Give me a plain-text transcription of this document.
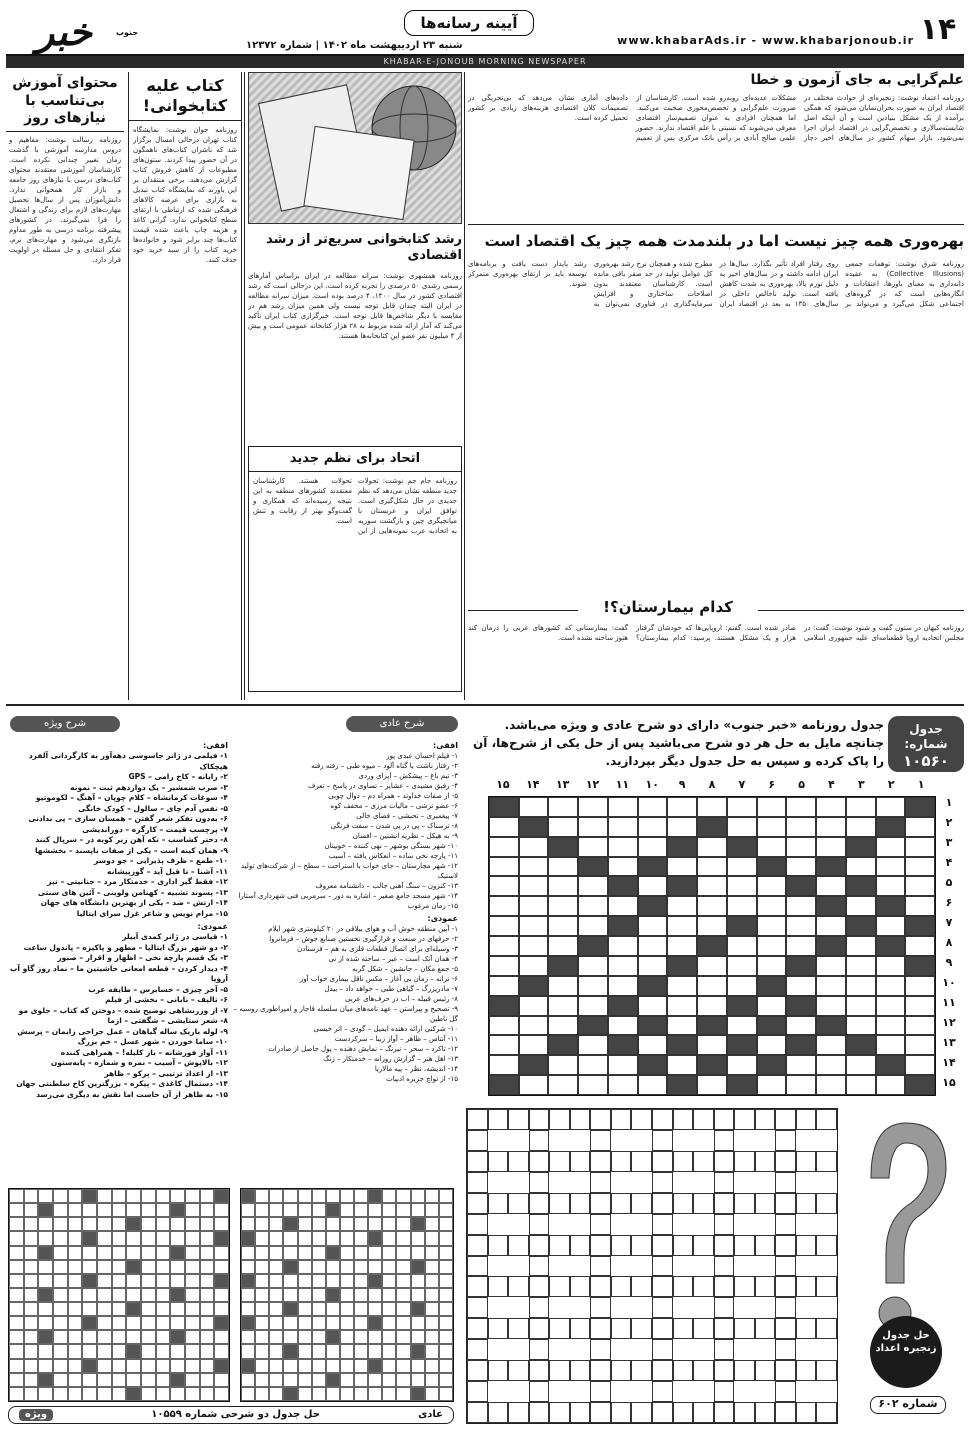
۱۴
www.khabarAds.ir - www.khabarjonoub.ir
آیینه رسانه‌ها
شنبه ۲۳ اردیبهشت ماه ۱۴۰۲ | شماره ۱۲۳۷۲
خبر	جنوب
KHABAR-E-JONOUB MORNING NEWSPAPER
علم‌گرایی به جای آزمون و خطا
روزنامه اعتماد نوشت: زنجیره‌ای از حوادث مختلف در اقتصاد ایران به صورت بحران‌نمایان می‌شود که همگی برآمده از یک مشکل بنیادین است و آن اینکه اصل شایسته‌سالاری و تخصص‌گرایی در اقتصاد ایران اجرا نمی‌شود. بازار سهام کشور در سال‌های اخیر دچار مشکلات عدیده‌ای روبه‌رو شده است. کارشناسان از ضرورت علم‌گرایی و تخصص‌محوری صحبت می‌کنند. اما همچنان افرادی به عنوان تصمیم‌ساز اقتصادی معرفی می‌شوند که نسبتی با علم اقتصاد ندارند. حضور علمی صالح آبادی بر رأس بانک مرکزی پس از تعمیم داده‌های آماری نشان می‌دهد که بی‌تجربگی در تصمیمات کلان اقتصادی هزینه‌های زیادی بر کشور تحمیل کرده است.
بهره‌وری همه چیز نیست اما در بلندمدت همه چیز یک اقتصاد است
روزنامه شرق نوشت: توهمات جمعی (Collective Illusions) به عقیده دانه‌داری به معنای باورها، اعتقادات و انگاره‌هایی است که در گروه‌های اجتماعی شکل می‌گیرد و می‌تواند بر روی رفتار افراد تأثیر بگذارد. سال‌ها در ایران ادامه داشته و در سال‌های اخیر به دلیل تورم بالا، بهره‌وری به شدت کاهش یافته است. تولید ناخالص داخلی در سال‌های ۱۳۵۰ به بعد در اقتصاد ایران مطرح شده و همچنان نرخ رشد بهره‌وری کل عوامل تولید در حد صفر باقی مانده است. کارشناسان معتقدند بدون اصلاحات ساختاری و افزایش سرمایه‌گذاری در فناوری نمی‌توان به رشد پایدار دست یافت و برنامه‌های توسعه باید بر ارتقای بهره‌وری متمرکز شوند.
کدام بیمارستان؟!
روزنامه کیهان در ستون گفت و شنود نوشت: گفت: در مجلس اتحادیه اروپا قطعنامه‌ای علیه جمهوری اسلامی صادر شده است. گفتم: اروپایی‌ها که خودشان گرفتار هزار و یک مشکل هستند. پرسید: کدام بیمارستان؟ گفت: بیمارستانی که کشورهای غربی را درمان کند هنوز ساخته نشده است.
رشد کتابخوانی سریع‌تر از رشد اقتصادی
روزنامه همشهری نوشت: سرانه مطالعه در ایران براساس آمارهای رسمی رشدی ۵۰ درصدی را تجربه کرده است. این درحالی است که رشد اقتصادی کشور در سال ۱۴۰۰، ۴ درصد بوده است. میزان سرانه مطالعه در ایران البته چندان قابل توجه نیست ولی همین میزان رشد هم در مقایسه با دیگر شاخص‌ها قابل توجه است. خبرگزاری کتاب ایران تأکید می‌کند که آمار ارائه شده مربوط به ۲۸ هزار کتابخانه عمومی است و بیش از ۴ میلیون نفر عضو این کتابخانه‌ها هستند.
اتحاد برای نظم جدید
روزنامه جام جم نوشت: تحولات جدید منطقه نشان می‌دهد که نظم جدیدی در حال شکل‌گیری است. توافق ایران و عربستان با میانجیگری چین و بازگشت سوریه به اتحادیه عرب نمونه‌هایی از این تحولات هستند. کارشناسان معتقدند کشورهای منطقه به این نتیجه رسیده‌اند که همکاری و گفت‌وگو بهتر از رقابت و تنش است.
کتاب علیه کتابخوانی!
روزنامه جوان نوشت: نمایشگاه کتاب تهران درحالی امسال برگزار شد که ناشران کتاب‌های ناهمگون در آن حضور پیدا کردند. ستون‌های مطبوعات از کاهش فروش کتاب گزارش می‌دهند. برخی منتقدان بر این باورند که نمایشگاه کتاب تبدیل به بازاری برای عرضه کالاهای فرهنگی شده که ارتباطی با ارتقای سطح کتابخوانی ندارد. گرانی کاغذ و هزینه چاپ باعث شده قیمت کتاب‌ها چند برابر شود و خانواده‌ها خرید کتاب را از سبد خرید خود حذف کنند.
محتوای آموزش بی‌تناسب با نیازهای روز
روزنامه رسالت نوشت: مفاهیم و دروس مدارسه آموزشی با گذشت زمان تغییر چندانی نکرده است. کارشناسان آموزشی معتقدند محتوای کتاب‌های درسی با نیازهای روز جامعه و بازار کار همخوانی ندارد. دانش‌آموزان پس از سال‌ها تحصیل مهارت‌های لازم برای زندگی و اشتغال را فرا نمی‌گیرند. در کشورهای پیشرفته برنامه درسی به طور مداوم بازنگری می‌شود و مهارت‌های نرم، تفکر انتقادی و حل مسئله در اولویت قرار دارد.
جدول شماره:
۱۰۵۶۰
جدول روزنامه «خبر جنوب» دارای دو شرح عادی و ویژه می‌باشد. چنانچه مایل به حل هر دو شرح می‌باشید پس از حل یکی از شرح‌ها، آن را پاک کرده و سپس به حل جدول دیگر بپردازید.
۱
۲
۳
۴
۵
۶
۷
۸
۹
۱۰
۱۱
۱۲
۱۳
۱۴
۱۵
۱
۲
۳
۴
۵
۶
۷
۸
۹
۱۰
۱۱
۱۲
۱۳
۱۴
۱۵
حل جدول زنجیره اعداد
شماره ۶۰۲
شرح عادی
افقی:
۱- فیلم احسان عبدی پور
۲- رفتار ناشت با گناه آلود – میوه طبی – رفته رفته
۳- تیم باغ – پیشکش – اپرای وردی
۴- رفیق مشیدی – عشایر – تساوی در پاسخ – تعرف
۵- از صفات خداوند – همراه دم – دوال چوبی
۶- عضو ترشی – مالیات مرزی – مخفف کوه
۷- پیغمبری – تحبشی – فضای خالی
۸- ترسناک – پی در پی شدن – سفت فرنگی
۹- به هیکل – نظریه انشتین – افسان
۱۰- شهر بستگی بوشهر – نهی کننده – خوبیتان
۱۱- پارچه نخی ساده – انعکاس یافته – آسیب
۱۲- شهر مجارستان – جای خواب با استراحت – سطح – از شرکت‌های تولید لاستیک
۱۳- کنزون – سنگ آهنی جالب – دانشنامه معروف
۱۴- شهر مسجد جامع صغیر – اشاره به دور – سرمربی فنی شهرداری آستارا
۱۵- رمان مرغوب
عمودی:
۱- آبین منطقه خوش آب و هوای بیلاقی در ۲۰ کیلومتری شهر ایلام
۲- حرفهای در صنعت و قرارگیری نخستین صنایع جوش – فرمانروا
۳- وسیله‌ای برای اتصال قطعات فلزی به هم – فرستادن
۴- همان آنک است – غیر – ساحته شده از نی
۵- جمع مکان – جانشین – شکل گربه
۶- ترانه – زمان بی آغاز – مکس ناقل بیماری خواب آور
۷- مادرپزرگ – گیاهی طبی – خواهد داد – بیدل
۸- رئیس قبیله – اب در حرف‌های عربی
۹- تصحیح و پیراستن – عهد نامه‌های میان سلسله قاجار و امپراطوری روسیه – گل ناطین
۱۰- شرکتی ارائه دهنده ایمیل – گودی – اثر خیسی
۱۱- آنتاس – ظاهر – آواز زیبا – سرکردست
۱۲- تاکرد – سحر – نیرنگ – نمایش دهنده – پول حاصل از صادرات
۱۳- اهل هنر – گزارش روزانه – خدمتکار – زنگ
۱۴- اندیشه، نظر – پیه مالاریا
۱۵- از تواچ جزیره ادبیات
شرح ویژه
افقی:
۱- فیلمی در ژانر جاسوسی دهه‌آور به کارگردانی آلفرد هیچکاک
۲- رایانه – کاخ رامی – GPS
۳- ضرب شمشیر – یک دوازدهم ثبت – نمونه
۴- سوغات کرمانشاه – کلام چوپان – آهنگ – لکوموتیو
۵- نفس آدم چای – سالول – کودک خانگی
۶- به‌دون تفکر شعر گفتن – همسان سازی – پی ندادنی
۷- پرچسب قیمت – کارگره – دوراندیشی
۸- دختر کشاسب – تکه آهن زیر کوبه در – سرپال کنند
۹- همان کینه است – یکی از صفات ناپسند – بخششها
۱۰- طمع – ظرف پذیرایی – جو دوسر
۱۱- آشنا – تا قبل آید – گوزپیشانه
۱۲- فقط گیر اداری – خدمتکار مرد – جنانیتی – تیز
۱۳- پسوند تشبیه – کهنامن ولوینی – آئین های سنتی
۱۴- ارتش – ضد – یکی از بهترین دانشگاه های جهان
۱۵- مرام نویس و شاعر غزل سرای ایتالیا
عمودی:
۱- قیاسی در ژانر کمدی آبیلر
۲- دو شهر بزرگ ایتالیا – مطهر و پاکیزه – پاندول ساعت
۳- یک قسم پارچه نخی – اظهار و اقرار – صبور
۴- دیدار کردن – قطعه امعانی حاشیتین ما – نماد روز گاو آب آروپا
۵- آخر چیزی – حسابرس – طایفه عرب
۶- تالیف – نابانی – بخشی از فیلم
۷- از وزرنشاهی توضیح شده – دوختن که کتاب – جلوی مو
۸- شعر ستایشی – شگفتی – ازما
۹- لوله باریک ساله گیاهان – عمل جراحی زایمان – پرسش
۱۰- ساما خوردن – شهر عسل – خم بزرگ
۱۱- آواز فورشانه – باز کلیله! – همراهی کننده
۱۲- بالاپوش – آسیب – نمره و شماره – پایه‌ستون
۱۳- از اعداد ترتیبی – پرکو – ظاهر
۱۴- دستمال کاغذی – پیکره – بزرگترین کاخ سلطنتی جهان
۱۵- به ظاهر از آن حاست اما نقش به دیگری می‌رسد
عادی
حل جدول دو شرحی شماره ۱۰۵۵۹
ویژه
